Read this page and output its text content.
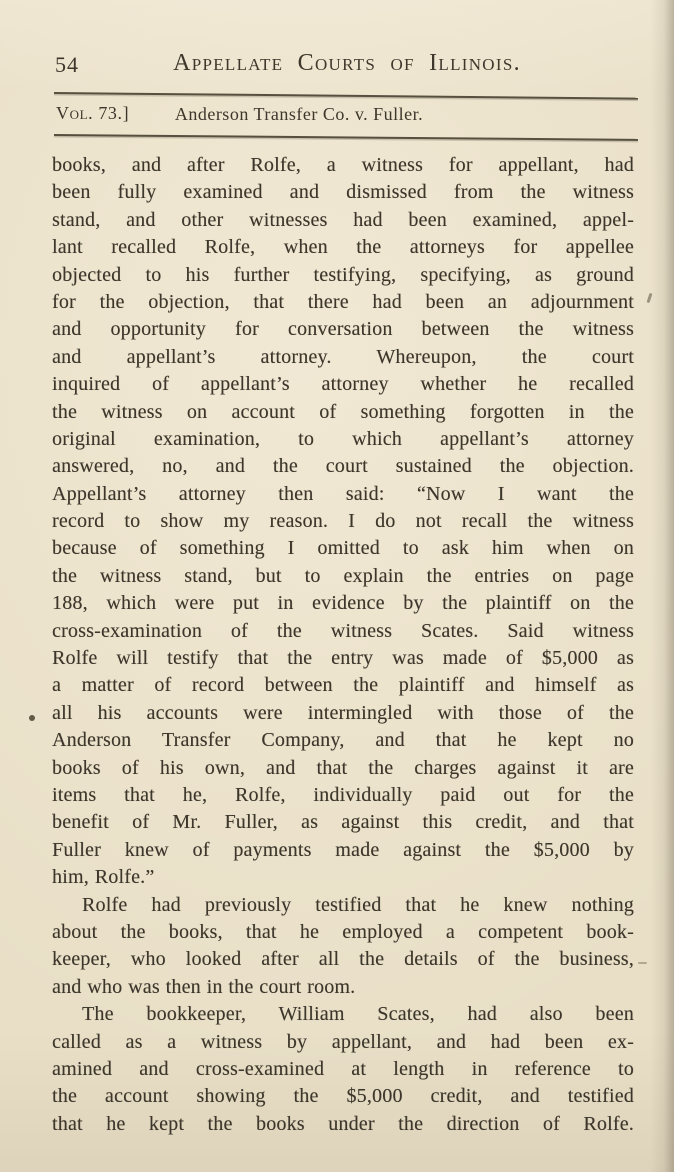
54	Appellate Courts of Illinois.
Vol. 73.]	Anderson Transfer Co. v. Fuller.
books, and after Rolfe, a witness for appellant, had
been fully examined and dismissed from the witness
stand, and other witnesses had been examined, appel-
lant recalled Rolfe, when the attorneys for appellee
objected to his further testifying, specifying, as ground
for the objection, that there had been an adjournment
and opportunity for conversation between the witness
and appellant’s attorney. Whereupon, the court
inquired of appellant’s attorney whether he recalled
the witness on account of something forgotten in the
original examination, to which appellant’s attorney
answered, no, and the court sustained the objection.
Appellant’s attorney then said: “Now I want the
record to show my reason. I do not recall the witness
because of something I omitted to ask him when on
the witness stand, but to explain the entries on page
188, which were put in evidence by the plaintiff on the
cross-examination of the witness Scates. Said witness
Rolfe will testify that the entry was made of $5,000 as
a matter of record between the plaintiff and himself as
all his accounts were intermingled with those of the
Anderson Transfer Company, and that he kept no
books of his own, and that the charges against it are
items that he, Rolfe, individually paid out for the
benefit of Mr. Fuller, as against this credit, and that
Fuller knew of payments made against the $5,000 by
him, Rolfe.”
Rolfe had previously testified that he knew nothing
about the books, that he employed a competent book-
keeper, who looked after all the details of the business,
and who was then in the court room.
The bookkeeper, William Scates, had also been
called as a witness by appellant, and had been ex-
amined and cross-examined at length in reference to
the account showing the $5,000 credit, and testified
that he kept the books under the direction of Rolfe.
